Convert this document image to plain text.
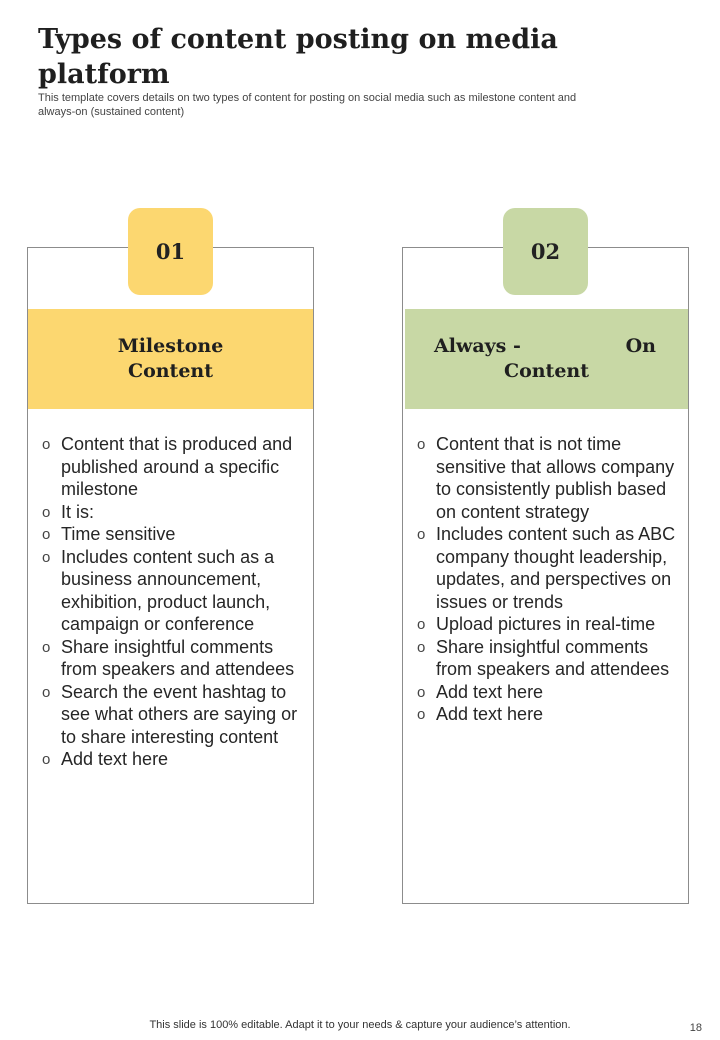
Types of content posting on media platform
This template covers details on two types of content for posting on social media such as milestone content and always-on (sustained content)
01
Milestone
Content
o Content that is produced and published around a specific milestone
o It is:
o Time sensitive
o Includes content such as a business announcement, exhibition, product launch, campaign or conference
o Share insightful comments from speakers and attendees
o Search the event hashtag to see what others are saying or to share interesting content
o Add text here
02
Always -	On
Content
o Content that is not time sensitive that allows company to consistently publish based on content strategy
o Includes content such as ABC company thought leadership, updates, and perspectives on issues or trends
o Upload pictures in real-time
o Share insightful comments from speakers and attendees
o Add text here
o Add text here
This slide is 100% editable. Adapt it to your needs & capture your audience’s attention.	18
